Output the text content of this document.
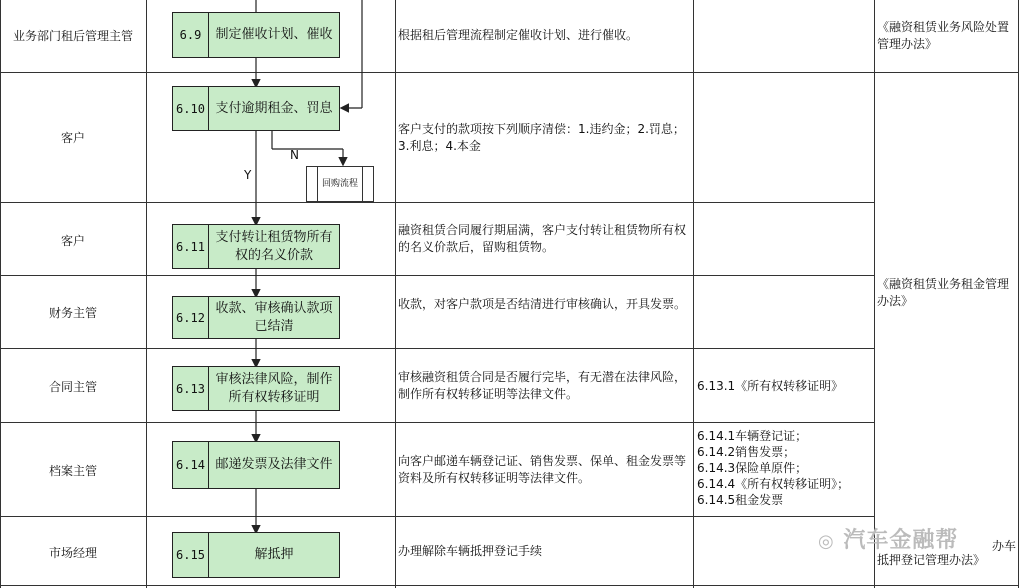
N
Y
回购流程
业务部门租后管理主管
客户
客户
财务主管
合同主管
档案主管
市场经理
6.9	制定催收计划、催收
6.10 支付逾期租金、罚息
6.11
支付转让租赁物所有权的名义价款
6.12
收款、审核确认款项已结清
6.13
审核法律风险，制作所有权转移证明
6.14 邮递发票及法律文件
6.15	解抵押
根据租后管理流程制定催收计划、进行催收。
客户支付的款项按下列顺序清偿：1.违约金；2.罚息；3.利息；4.本金
融资租赁合同履行期届满，客户支付转让租赁物所有权的名义价款后，留购租赁物。
收款，对客户款项是否结清进行审核确认，开具发票。
审核融资租赁合同是否履行完毕，有无潜在法律风险，制作所有权转移证明等法律文件。
向客户邮递车辆登记证、销售发票、保单、租金发票等资料及所有权转移证明等法律文件。
办理解除车辆抵押登记手续
6.13.1《所有权转移证明》
6.14.1车辆登记证；
6.14.2销售发票；
6.14.3保险单原件；
6.14.4《所有权转移证明》；
6.14.5租金发票
《融资租赁业务风险处置管理办法》
《融资租赁业务租金管理办法》
抵押登记管理办法》
办车
◎ 汽车金融帮
